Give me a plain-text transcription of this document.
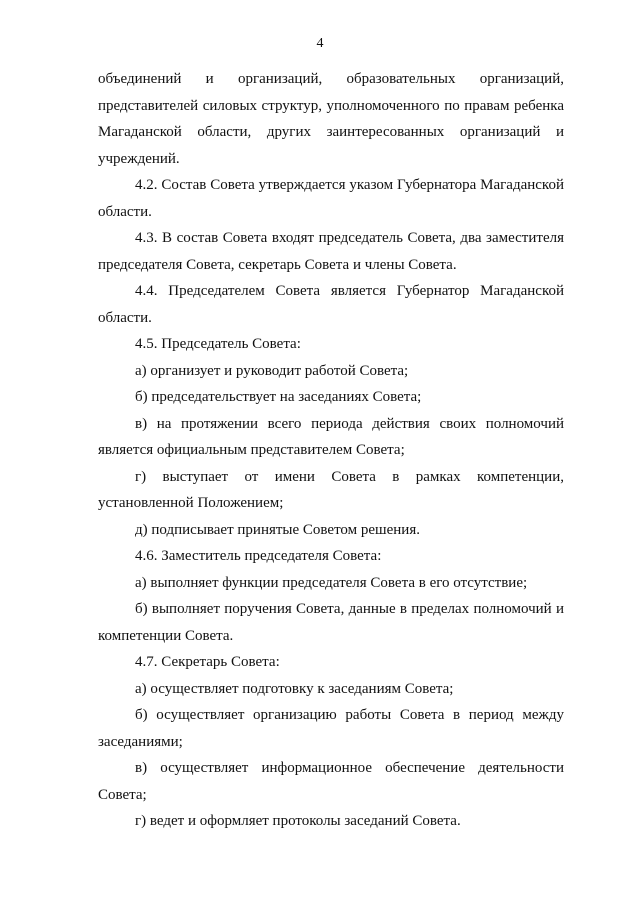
4

объединений и организаций, образовательных организаций, представителей силовых структур, уполномоченного по правам ребенка Магаданской области, других заинтересованных организаций и учреждений.

4.2. Состав Совета утверждается указом Губернатора Магаданской области.

4.3. В состав Совета входят председатель Совета, два заместителя председателя Совета, секретарь Совета и члены Совета.

4.4. Председателем Совета является Губернатор Магаданской области.

4.5. Председатель Совета:

а) организует и руководит работой Совета;

б) председательствует на заседаниях Совета;

в) на протяжении всего периода действия своих полномочий является официальным представителем Совета;

г) выступает от имени Совета в рамках компетенции, установленной Положением;

д) подписывает принятые Советом решения.

4.6. Заместитель председателя Совета:

а) выполняет функции председателя Совета в его отсутствие;

б) выполняет поручения Совета, данные в пределах полномочий и компетенции Совета.

4.7. Секретарь Совета:

а) осуществляет подготовку к заседаниям Совета;

б) осуществляет организацию работы Совета в период между заседаниями;

в) осуществляет информационное обеспечение деятельности Совета;

г) ведет и оформляет протоколы заседаний Совета.
